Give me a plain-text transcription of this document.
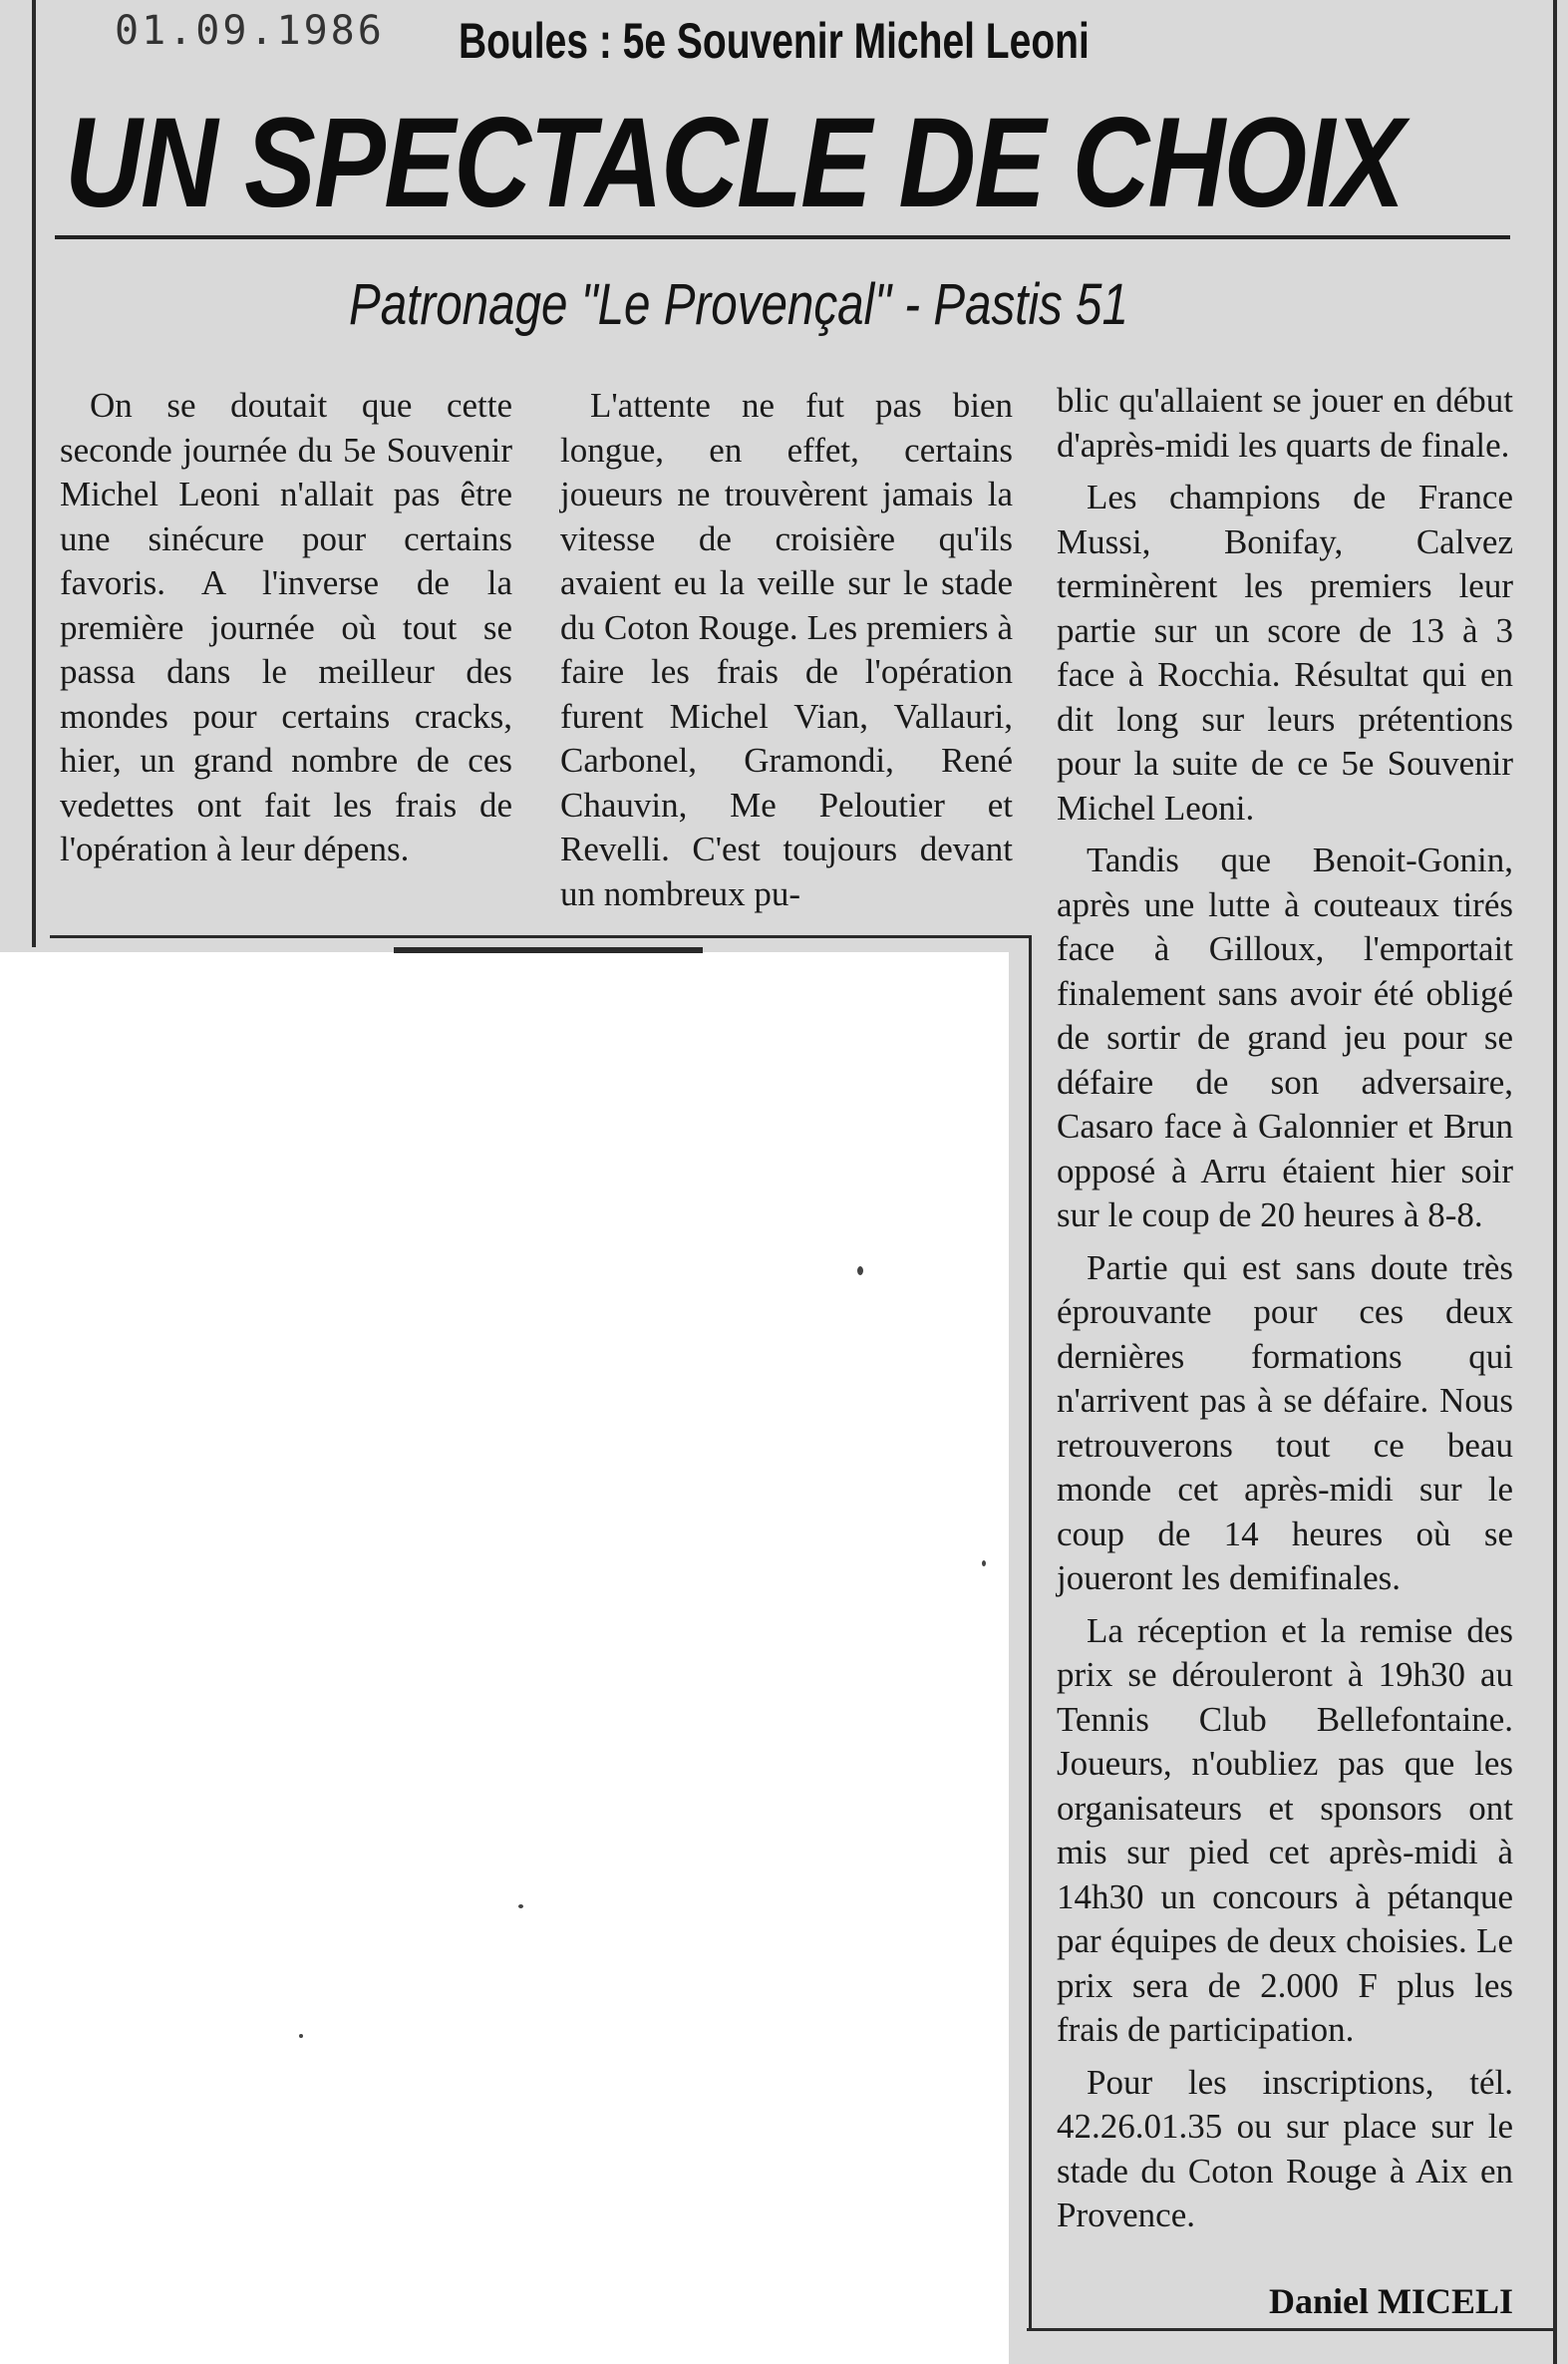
01.09.1986 Boules : 5e Souvenir Michel Leoni
UN SPECTACLE DE CHOIX
Patronage "Le Provençal" - Pastis 51

On se doutait que cette seconde journée du 5e Souvenir Michel Leoni n'allait pas être une sinécure pour certains favoris. A l'inverse de la première journée où tout se passa dans le meilleur des mondes pour certains cracks, hier, un grand nombre de ces vedettes ont fait les frais de l'opération à leur dépens.

L'attente ne fut pas bien longue, en effet, certains joueurs ne trouvèrent jamais la vitesse de croisière qu'ils avaient eu la veille sur le stade du Coton Rouge. Les premiers à faire les frais de l'opération furent Michel Vian, Vallauri, Carbonel, Gramondi, René Chauvin, Me Peloutier et Revelli. C'est toujours devant un nombreux pu-

blic qu'allaient se jouer en début d'après-midi les quarts de finale.

Les champions de France Mussi, Bonifay, Calvez terminèrent les premiers leur partie sur un score de 13 à 3 face à Rocchia. Résultat qui en dit long sur leurs prétentions pour la suite de ce 5e Souvenir Michel Leoni.

Tandis que Benoit-Gonin, après une lutte à couteaux tirés face à Gilloux, l'emportait finalement sans avoir été obligé de sortir de grand jeu pour se défaire de son adversaire, Casaro face à Galonnier et Brun opposé à Arru étaient hier soir sur le coup de 20 heures à 8-8.

Partie qui est sans doute très éprouvante pour ces deux dernières formations qui n'arrivent pas à se défaire. Nous retrouverons tout ce beau monde cet après-midi sur le coup de 14 heures où se joueront les demifinales.

La réception et la remise des prix se dérouleront à 19h30 au Tennis Club Bellefontaine. Joueurs, n'oubliez pas que les organisateurs et sponsors ont mis sur pied cet après-midi à 14h30 un concours à pétanque par équipes de deux choisies. Le prix sera de 2.000 F plus les frais de participation.

Pour les inscriptions, tél. 42.26.01.35 ou sur place sur le stade du Coton Rouge à Aix en Provence.

Daniel MICELI
